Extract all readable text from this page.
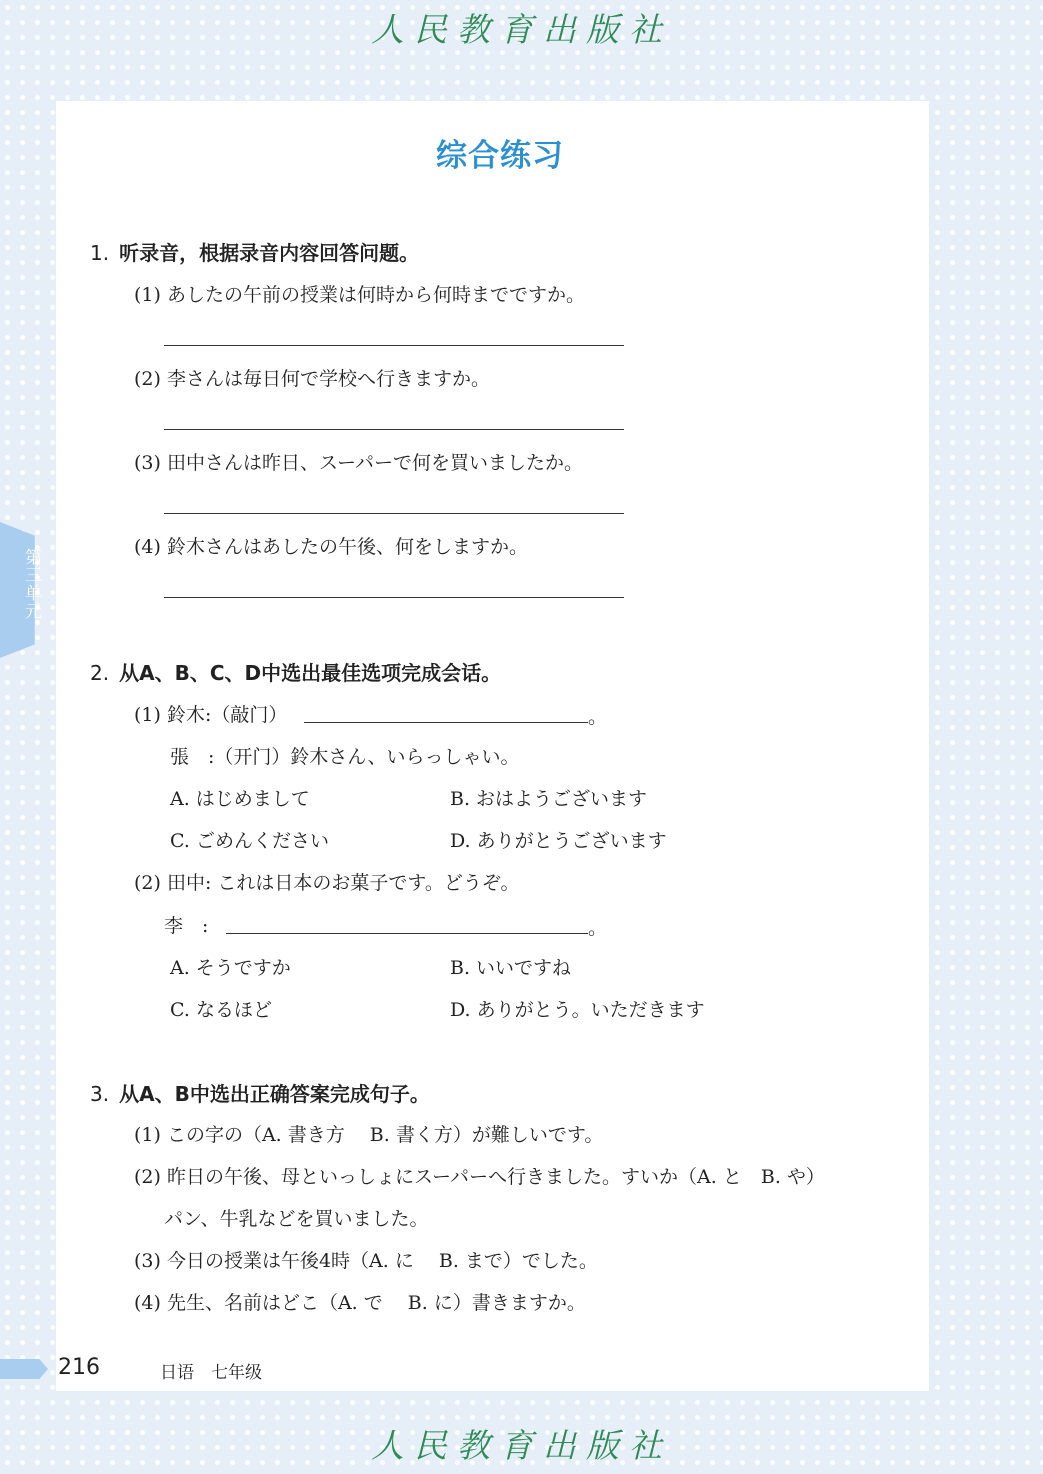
人民教育出版社
综合练习
第三单元
1. 听录音，根据录音内容回答问题。
(1) あしたの午前の授業は何時から何時までですか。
(2) 李さんは毎日何で学校へ行きますか。
(3) 田中さんは昨日、スーパーで何を買いましたか。
(4) 鈴木さんはあしたの午後、何をしますか。
2. 从A、B、C、D中选出最佳选项完成会话。
(1) 鈴木:（敲门）	。
張　:（开门）鈴木さん、いらっしゃい。
A. はじめまして	B. おはようございます
C. ごめんください	D. ありがとうございます
(2) 田中: これは日本のお菓子です。どうぞ。
李　:	。
A. そうですか	B. いいですね
C. なるほど	D. ありがとう。いただきます
3. 从A、B中选出正确答案完成句子。
(1) この字の（A. 書き方　 B. 書く方）が難しいです。
(2) 昨日の午後、母といっしょにスーパーへ行きました。すいか（A. と　B. や）
パン、牛乳などを買いました。
(3) 今日の授業は午後4時（A. に　 B. まで）でした。
(4) 先生、名前はどこ（A. で　 B. に）書きますか。
216	日语　七年级
人民教育出版社
